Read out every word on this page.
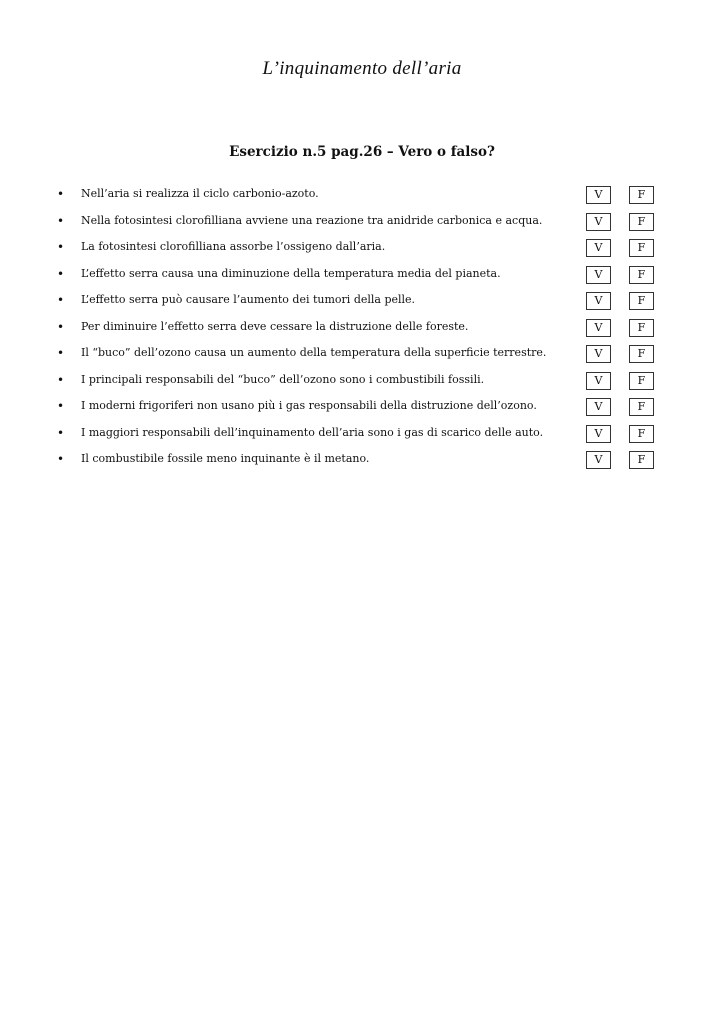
L’inquinamento dell’aria
Esercizio n.5 pag.26 – Vero o falso?
• Nell’aria si realizza il ciclo carbonio-azoto.	V	F
• Nella fotosintesi clorofilliana avviene una reazione tra anidride carbonica e acqua.	V	F
• La fotosintesi clorofilliana assorbe l’ossigeno dall’aria.	V	F
• L’effetto serra causa una diminuzione della temperatura media del pianeta.	V	F
• L’effetto serra può causare l’aumento dei tumori della pelle.	V	F
• Per diminuire l’effetto serra deve cessare la distruzione delle foreste.	V	F
• Il “buco” dell’ozono causa un aumento della temperatura della superficie terrestre.	V	F
• I principali responsabili del “buco” dell’ozono sono i combustibili fossili.	V	F
• I moderni frigoriferi non usano più i gas responsabili della distruzione dell’ozono.	V	F
• I maggiori responsabili dell’inquinamento dell’aria sono i gas di scarico delle auto.	V	F
• Il combustibile fossile meno inquinante è il metano.	V	F
